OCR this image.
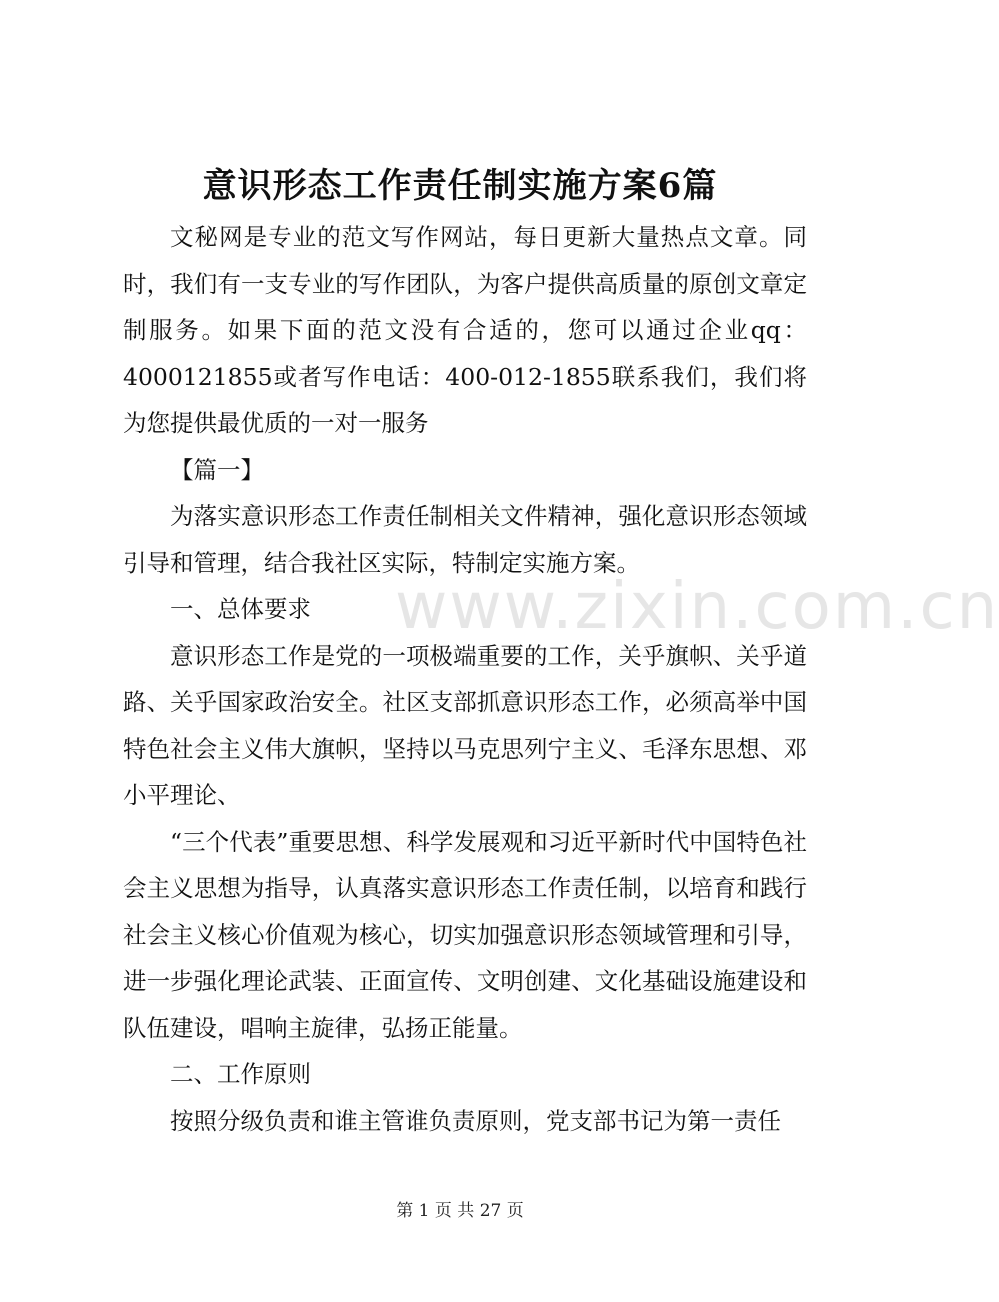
www.zixin.com.cn
意识形态工作责任制实施方案6篇

文秘网是专业的范文写作网站，每日更新大量热点文章。同时，我们有一支专业的写作团队，为客户提供高质量的原创文章定制服务。如果下面的范文没有合适的，您可以通过企业qq：4000121855或者写作电话：400-012-1855联系我们，我们将为您提供最优质的一对一服务

【篇一】

为落实意识形态工作责任制相关文件精神，强化意识形态领域引导和管理，结合我社区实际，特制定实施方案。

一、总体要求

意识形态工作是党的一项极端重要的工作，关乎旗帜、关乎道路、关乎国家政治安全。社区支部抓意识形态工作，必须高举中国特色社会主义伟大旗帜，坚持以马克思列宁主义、毛泽东思想、邓小平理论、

“三个代表”重要思想、科学发展观和习近平新时代中国特色社会主义思想为指导，认真落实意识形态工作责任制，以培育和践行社会主义核心价值观为核心，切实加强意识形态领域管理和引导，进一步强化理论武装、正面宣传、文明创建、文化基础设施建设和队伍建设，唱响主旋律，弘扬正能量。

二、工作原则

按照分级负责和谁主管谁负责原则，党支部书记为第一责任

第 1 页 共 27 页
